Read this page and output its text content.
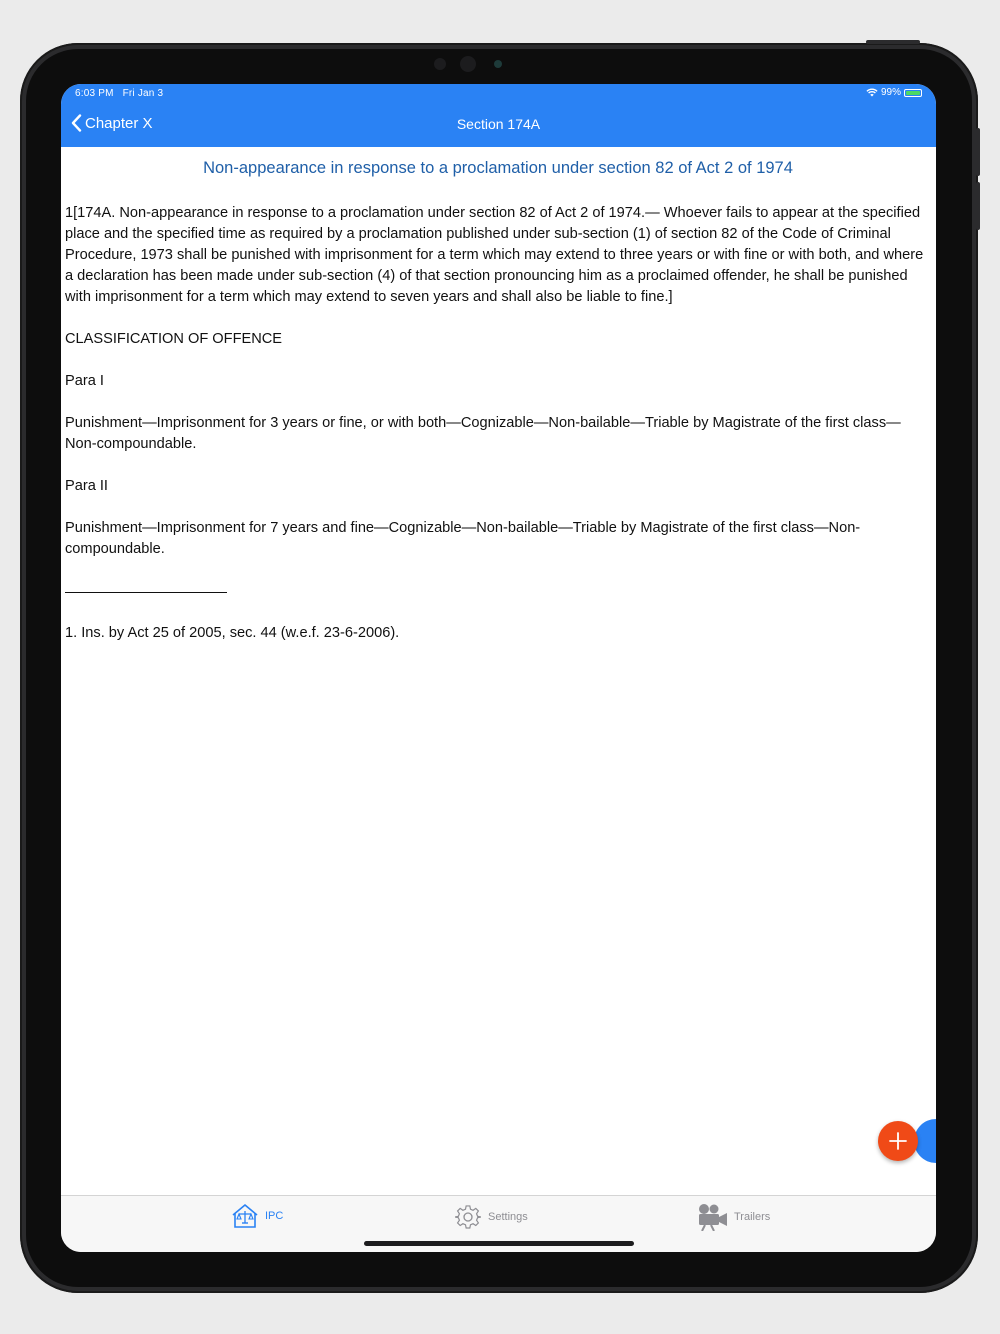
6:03 PM Fri Jan 3	99%
Chapter X	Section 174A
Non-appearance in response to a proclamation under section 82 of Act 2 of 1974

1[174A. Non-appearance in response to a proclamation under section 82 of Act 2 of 1974.— Whoever fails to appear at the specified place and the specified time as required by a proclamation published under sub-section (1) of section 82 of the Code of Criminal Procedure, 1973 shall be punished with imprisonment for a term which may extend to three years or with fine or with both, and where a declaration has been made under sub-section (4) of that section pronouncing him as a proclaimed offender, he shall be punished with imprisonment for a term which may extend to seven years and shall also be liable to fine.]

CLASSIFICATION OF OFFENCE

Para I

Punishment—Imprisonment for 3 years or fine, or with both—Cognizable—Non-bailable—Triable by Magistrate of the first class—Non-compoundable.

Para II

Punishment—Imprisonment for 7 years and fine—Cognizable—Non-bailable—Triable by Magistrate of the first class—Non-compoundable.

1. Ins. by Act 25 of 2005, sec. 44 (w.e.f. 23-6-2006).

IPC	Settings	Trailers
